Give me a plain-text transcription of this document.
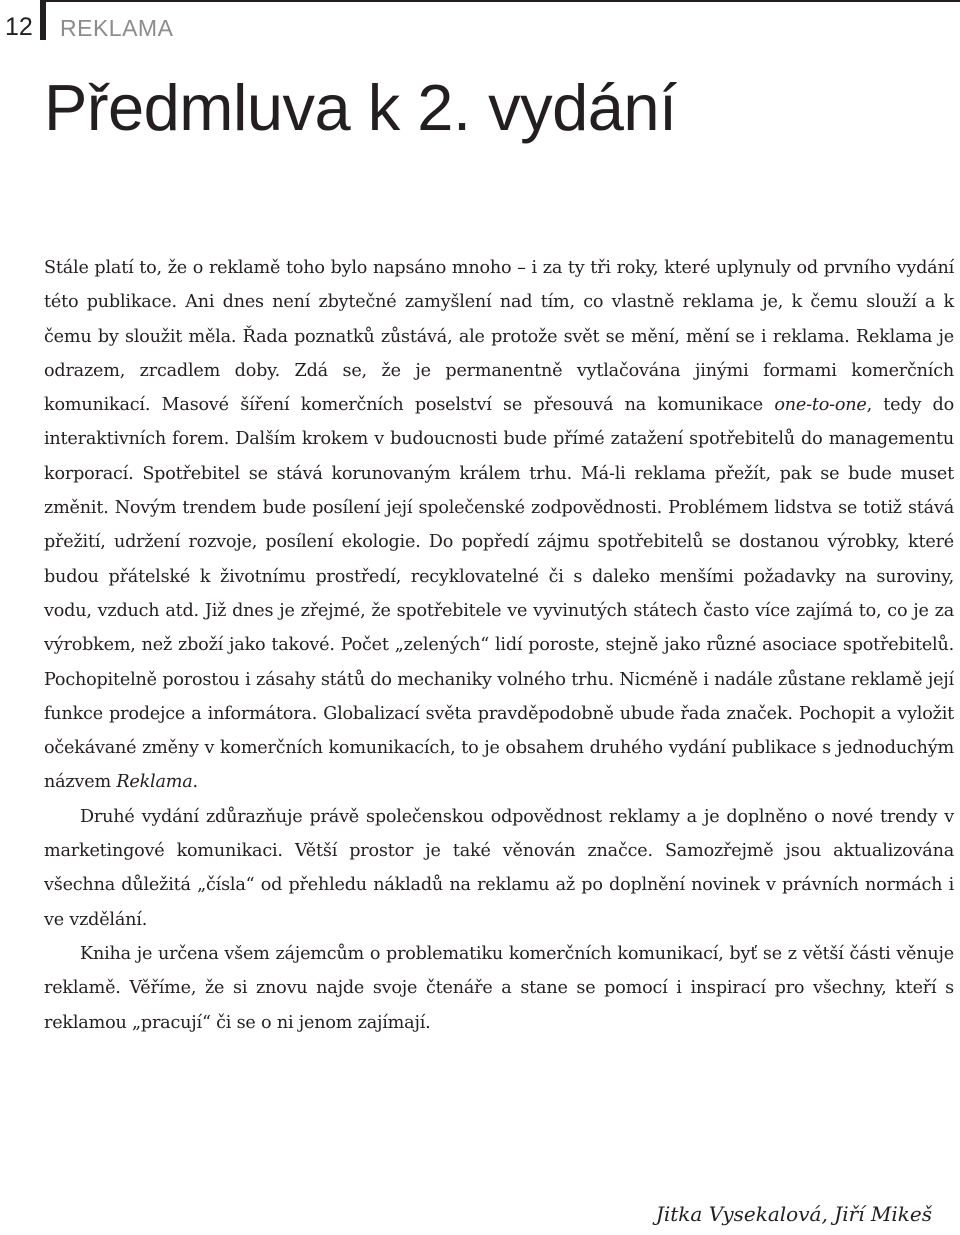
12 REKLAMA
Předmluva k 2. vydání

Stále platí to, že o reklamě toho bylo napsáno mnoho – i za ty tři roky, které uplynuly od prvního vydání této publikace. Ani dnes není zbytečné zamyšlení nad tím, co vlastně reklama je, k čemu slouží a k čemu by sloužit měla. Řada poznatků zůstává, ale protože svět se mění, mění se i reklama. Reklama je odrazem, zrcadlem doby. Zdá se, že je permanentně vytlačována jinými formami komerčních komunikací. Masové šíření komerčních poselství se přesouvá na komunikace one-to-one, tedy do interaktivních forem. Dalším krokem v budoucnosti bude přímé zatažení spotřebitelů do managementu korporací. Spotřebitel se stává korunovaným králem trhu. Má-li reklama přežít, pak se bude muset změnit. Novým trendem bude posílení její společenské zodpovědnosti. Problémem lidstva se totiž stává přežití, udržení rozvoje, posílení ekologie. Do popředí zájmu spotřebitelů se dostanou výrobky, které budou přátelské k životnímu prostředí, recyklovatelné či s daleko menšími požadavky na suroviny, vodu, vzduch atd. Již dnes je zřejmé, že spotřebitele ve vyvinutých státech často více zajímá to, co je za výrobkem, než zboží jako takové. Počet „zelených“ lidí poroste, stejně jako různé asociace spotřebitelů. Pochopitelně porostou i zásahy států do mechaniky volného trhu. Nicméně i nadále zůstane reklamě její funkce prodejce a informátora. Globalizací světa pravděpodobně ubude řada značek. Pochopit a vyložit očekávané změny v komerčních komunikacích, to je obsahem druhého vydání publikace s jednoduchým názvem Reklama.

Druhé vydání zdůrazňuje právě společenskou odpovědnost reklamy a je doplněno o nové trendy v marketingové komunikaci. Větší prostor je také věnován značce. Samozřejmě jsou aktualizována všechna důležitá „čísla“ od přehledu nákladů na reklamu až po doplnění novinek v právních normách i ve vzdělání.

Kniha je určena všem zájemcům o problematiku komerčních komunikací, byť se z větší části věnuje reklamě. Věříme, že si znovu najde svoje čtenáře a stane se pomocí i inspirací pro všechny, kteří s reklamou „pracují“ či se o ni jenom zajímají.

Jitka Vysekalová, Jiří Mikeš
